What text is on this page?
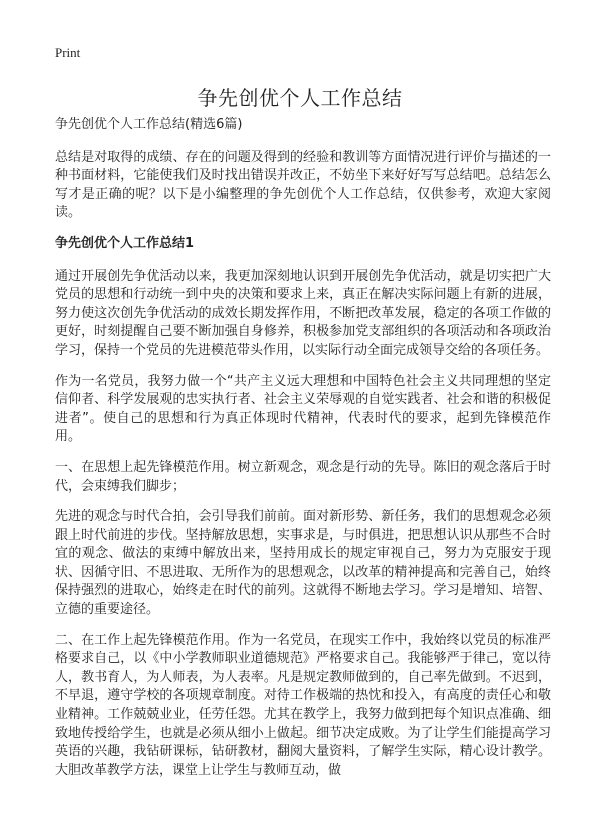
Print
争先创优个人工作总结

争先创优个人工作总结(精选6篇)

总结是对取得的成绩、存在的问题及得到的经验和教训等方面情况进行评价与描述的一种书面材料，它能使我们及时找出错误并改正，不妨坐下来好好写写总结吧。总结怎么写才是正确的呢？以下是小编整理的争先创优个人工作总结，仅供参考，欢迎大家阅读。

争先创优个人工作总结1

通过开展创先争优活动以来，我更加深刻地认识到开展创先争优活动，就是切实把广大党员的思想和行动统一到中央的决策和要求上来，真正在解决实际问题上有新的进展，努力使这次创先争优活动的成效长期发挥作用，不断把改革发展，稳定的各项工作做的更好，时刻提醒自己要不断加强自身修养，积极参加党支部组织的各项活动和各项政治学习，保持一个党员的先进模范带头作用，以实际行动全面完成领导交给的各项任务。

作为一名党员，我努力做一个“共产主义远大理想和中国特色社会主义共同理想的坚定信仰者、科学发展观的忠实执行者、社会主义荣辱观的自觉实践者、社会和谐的积极促进者”。使自己的思想和行为真正体现时代精神，代表时代的要求，起到先锋模范作用。

一、在思想上起先锋模范作用。树立新观念，观念是行动的先导。陈旧的观念落后于时代，会束缚我们脚步；

先进的观念与时代合拍，会引导我们前前。面对新形势、新任务，我们的思想观念必须跟上时代前进的步伐。坚持解放思想，实事求是，与时俱进，把思想认识从那些不合时宜的观念、做法的束缚中解放出来，坚持用成长的规定审视自己，努力为克服安于现状、因循守旧、不思进取、无所作为的思想观念，以改革的精神提高和完善自己，始终保持强烈的进取心，始终走在时代的前列。这就得不断地去学习。学习是增知、培智、立德的重要途径。

二、在工作上起先锋模范作用。作为一名党员，在现实工作中，我始终以党员的标准严格要求自己，以《中小学教师职业道德规范》严格要求自己。我能够严于律己，宽以待人，教书育人，为人师表，为人表率。凡是规定教师做到的，自己率先做到。不迟到，不早退，遵守学校的各项规章制度。对待工作极端的热忱和投入，有高度的责任心和敬业精神。工作兢兢业业，任劳任怨。尤其在教学上，我努力做到把每个知识点准确、细致地传授给学生，也就是必须从细小上做起。细节决定成败。为了让学生们能提高学习英语的兴趣，我钻研课标，钻研教材，翻阅大量资料，了解学生实际，精心设计教学。大胆改革教学方法，课堂上让学生与教师互动，做
